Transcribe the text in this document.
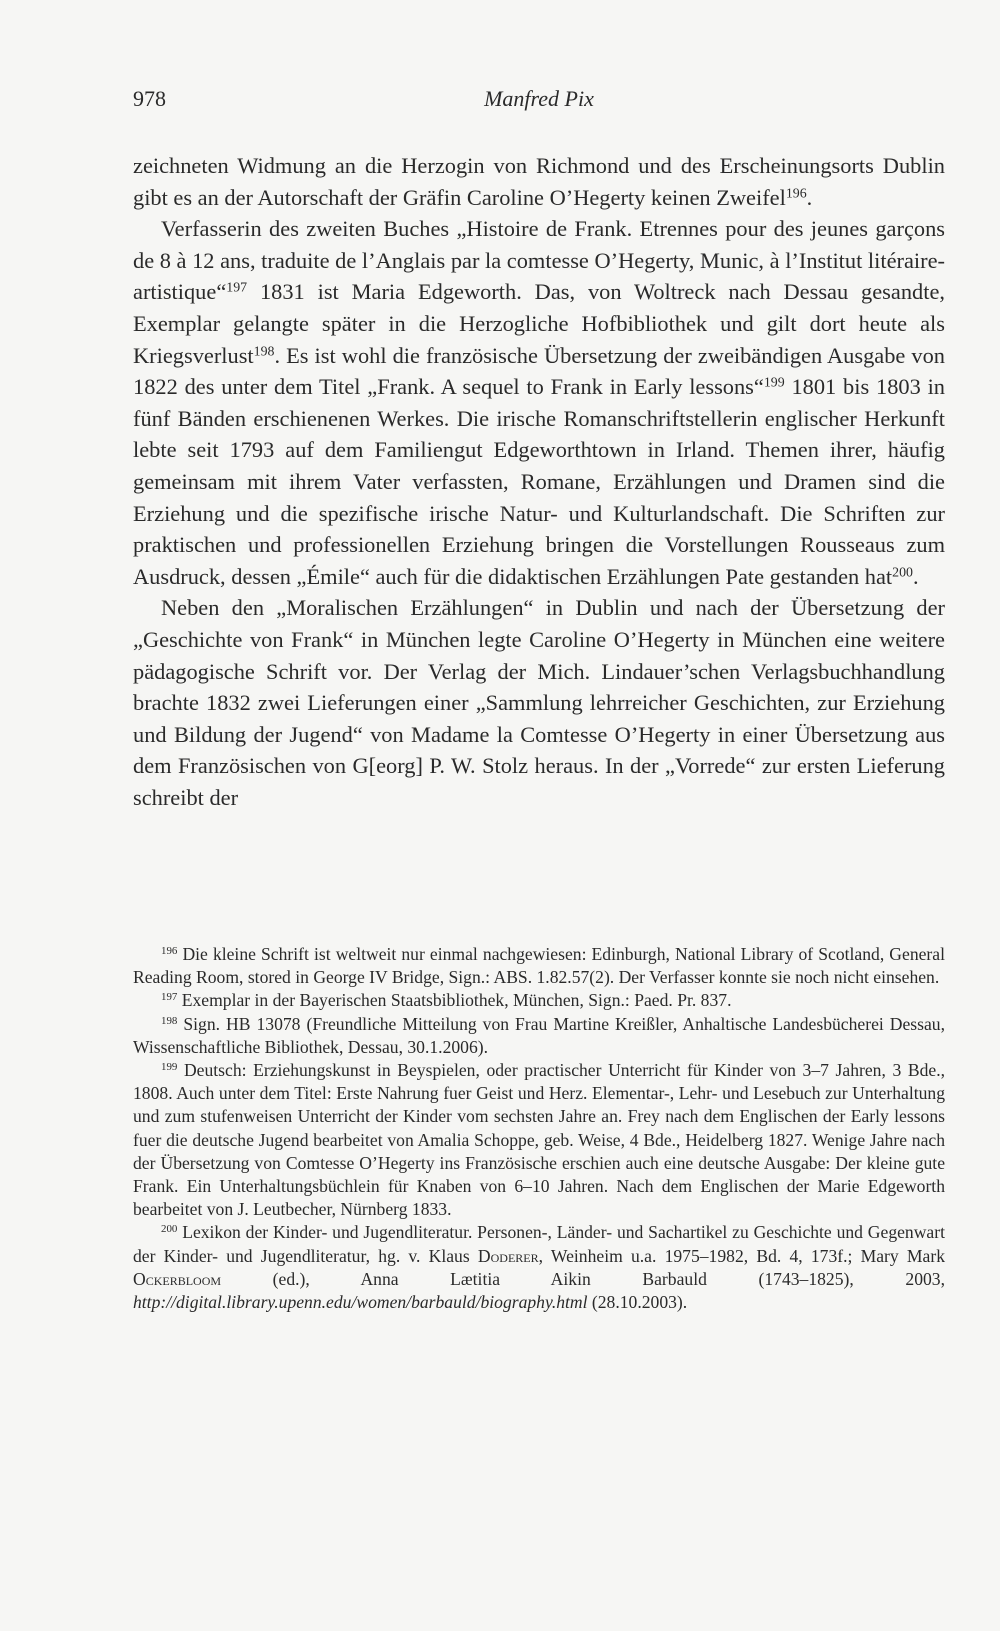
978	Manfred Pix

zeichneten Widmung an die Herzogin von Richmond und des Erscheinungsorts Dublin gibt es an der Autorschaft der Gräfin Caroline O’Hegerty keinen Zweifel$^{196}$.

Verfasserin des zweiten Buches „Histoire de Frank. Etrennes pour des jeunes garçons de 8 à 12 ans, traduite de l’Anglais par la comtesse O’Hegerty, Munic, à l’Institut litéraire-artistique“$^{197}$ 1831 ist Maria Edgeworth. Das, von Woltreck nach Dessau gesandte, Exemplar gelangte später in die Herzogliche Hofbibliothek und gilt dort heute als Kriegsverlust$^{198}$. Es ist wohl die französische Übersetzung der zweibändigen Ausgabe von 1822 des unter dem Titel „Frank. A sequel to Frank in Early lessons“$^{199}$ 1801 bis 1803 in fünf Bänden erschienenen Werkes. Die irische Romanschriftstellerin englischer Herkunft lebte seit 1793 auf dem Familiengut Edgeworthtown in Irland. Themen ihrer, häufig gemeinsam mit ihrem Vater verfassten, Romane, Erzählungen und Dramen sind die Erziehung und die spezifische irische Natur- und Kulturlandschaft. Die Schriften zur praktischen und professionellen Erziehung bringen die Vorstellungen Rousseaus zum Ausdruck, dessen „Émile“ auch für die didaktischen Erzählungen Pate gestanden hat$^{200}$.

Neben den „Moralischen Erzählungen“ in Dublin und nach der Übersetzung der „Geschichte von Frank“ in München legte Caroline O’Hegerty in München eine weitere pädagogische Schrift vor. Der Verlag der Mich. Lindauer’schen Verlagsbuchhandlung brachte 1832 zwei Lieferungen einer „Sammlung lehrreicher Geschichten, zur Erziehung und Bildung der Jugend“ von Madame la Comtesse O’Hegerty in einer Übersetzung aus dem Französischen von G[eorg] P. W. Stolz heraus. In der „Vorrede“ zur ersten Lieferung schreibt der

$^{196}$ Die kleine Schrift ist weltweit nur einmal nachgewiesen: Edinburgh, National Library of Scotland, General Reading Room, stored in George IV Bridge, Sign.: ABS. 1.82.57(2). Der Verfasser konnte sie noch nicht einsehen.

$^{197}$ Exemplar in der Bayerischen Staatsbibliothek, München, Sign.: Paed. Pr. 837.

$^{198}$ Sign. HB 13078 (Freundliche Mitteilung von Frau Martine Kreißler, Anhaltische Landesbücherei Dessau, Wissenschaftliche Bibliothek, Dessau, 30.1.2006).

$^{199}$ Deutsch: Erziehungskunst in Beyspielen, oder practischer Unterricht für Kinder von 3–7 Jahren, 3 Bde., 1808. Auch unter dem Titel: Erste Nahrung fuer Geist und Herz. Elementar-, Lehr- und Lesebuch zur Unterhaltung und zum stufenweisen Unterricht der Kinder vom sechsten Jahre an. Frey nach dem Englischen der Early lessons fuer die deutsche Jugend bearbeitet von Amalia Schoppe, geb. Weise, 4 Bde., Heidelberg 1827. Wenige Jahre nach der Übersetzung von Comtesse O’Hegerty ins Französische erschien auch eine deutsche Ausgabe: Der kleine gute Frank. Ein Unterhaltungsbüchlein für Knaben von 6–10 Jahren. Nach dem Englischen der Marie Edgeworth bearbeitet von J. Leutbecher, Nürnberg 1833.

$^{200}$ Lexikon der Kinder- und Jugendliteratur. Personen-, Länder- und Sachartikel zu Geschichte und Gegenwart der Kinder- und Jugendliteratur, hg. v. Klaus Doderer, Weinheim u.a. 1975–1982, Bd. 4, 173f.; Mary Mark Ockerbloom (ed.), Anna Lætitia Aikin Barbauld (1743–1825), 2003, http://digital.library.upenn.edu/women/barbauld/biography.html (28.10.2003).
